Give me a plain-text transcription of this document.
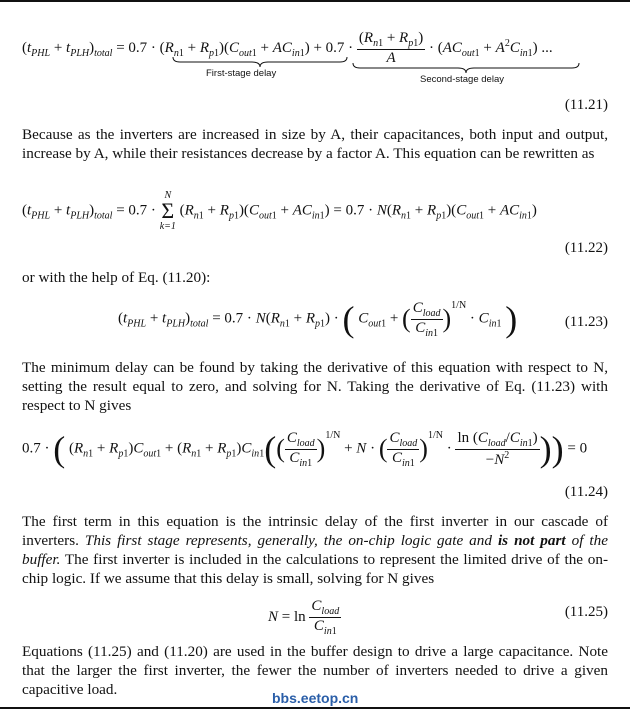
$(t_{PHL} + t_{PLH})_{total} = 0.7 \cdot (R_{n1} + R_{p1})(C_{out1} + AC_{in1}) + 0.7 \cdot \frac{(R_{n1} + R_{p1})}{A} \cdot (AC_{out1} + A^2C_{in1})$ ...
First-stage delay
Second-stage delay
(11.21)
Because as the inverters are increased in size by A, their capacitances, both input and output, increase by A, while their resistances decrease by a factor A. This equation can be rewritten as
$(t_{PHL} + t_{PLH})_{total} = 0.7$ ·
N
Σ
k=1
$(R_{n1} + R_{p1})(C_{out1} + AC_{in1}) = 0.7 \cdot N(R_{n1} + R_{p1})(C_{out1} + AC_{in1})$
(11.22)
or with the help of Eq. (11.20):
$(t_{PHL} + t_{PLH})_{total} = 0.7 \cdot N(R_{n1} + R_{p1})$ · ( $C_{out1}$ + ( $\frac{C_{load}}{C_{in1}} )^{1/N} \cdot C_{in1}$ )	(11.23)
The minimum delay can be found by taking the derivative of this equation with respect to N, setting the result equal to zero, and solving for N. Taking the derivative of Eq. (11.23) with respect to N gives
0.7 · ( $(R_{n1} + R_{p1})C_{out1} + (R_{n1} + R_{p1})C_{in1}(( \frac{C_{load}}{C_{in1}} )^{1/N} + N$ · ( $\frac{C_{load}}{C_{in1}} )^{1/N} \cdot \frac{\ln (C_{load}/C_{in1})}{-N^2}$ )) = 0
(11.24)
The first term in this equation is the intrinsic delay of the first inverter in our cascade of inverters. This first stage represents, generally, the on-chip logic gate and is not part of the buffer. The first inverter is included in the calculations to represent the limited drive of the on-chip logic. If we assume that this delay is small, solving for N gives
$N = \ln \frac{C_{load}}{C_{in1}}$	(11.25)
Equations (11.25) and (11.20) are used in the buffer design to drive a large capacitance. Note that the larger the first inverter, the fewer the number of inverters needed to drive a given capacitive load.	bbs.eetop.cn
